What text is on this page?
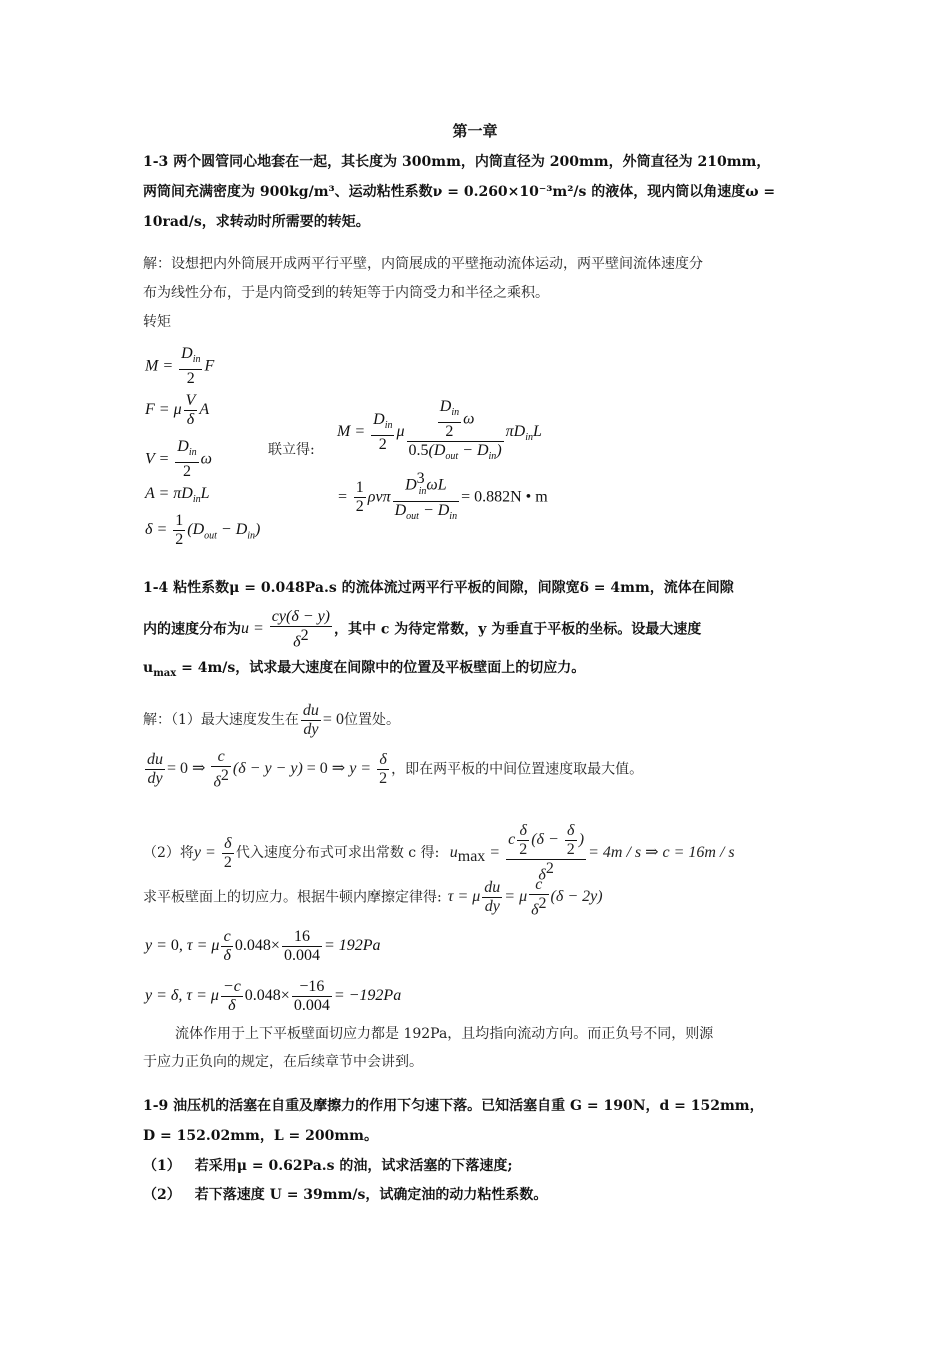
第一章
1-3 两个圆管同心地套在一起，其长度为 300mm，内筒直径为 200mm，外筒直径为 210mm，
两筒间充满密度为 900kg/m³、运动粘性系数ν = 0.260×10⁻³m²/s 的液体，现内筒以角速度ω =
10rad/s，求转动时所需要的转矩。
解：设想把内外筒展开成两平行平壁，内筒展成的平壁拖动流体运动，两平壁间流体速度分
布为线性分布，于是内筒受到的转矩等于内筒受力和半径之乘积。
转矩
$M = \frac{D_{in}}{2}$ F
F = μ $\frac{V}{\delta}$ A
$V = \frac{D_{in}}{2}$ ω
$A = \pi D_{in}L$
$\delta = \frac{1}{2} (D_{out} - D_{in})$
联立得:
$M = \frac{D_{in}}{2}$ μ $\frac{\frac{D_{in}}{2} \omega}{0.5(D_{out} - D_{in})} \pi D_{in}L$
= $\frac{1}{2}$ ρνπ $\frac{D^3_{in}\omega L}{D_{out} - D_{in}} = 0.882N$ • m
1-4 粘性系数μ = 0.048Pa.s 的流体流过两平行平板的间隙，间隙宽δ = 4mm，流体在间隙
内的速度分布为$u = \frac{cy(\delta - y)}{\delta^2}$ ，其中 c 为待定常数，y 为垂直于平板的坐标。设最大速度
$u_{max} = 4m/s$，试求最大速度在间隙中的位置及平板壁面上的切应力。
解：（1）最大速度发生在 $\frac{du}{dy} = 0$位置处。
$\frac{du}{dy} = 0$ ⇒ $\frac{c}{\delta^2} (\delta - y - y) = 0$ ⇒ $y = \frac{\delta}{2}$ ，即在两平板的中间位置速度取最大值。
（2）将$y = \frac{\delta}{2}$ 代入速度分布式可求出常数 c 得: $u_{max} = \frac{c \frac{\delta}{2} (\delta - \frac{\delta}{2} )}{\delta^2} = 4m / s$ ⇒ c = 16m / s
求平板壁面上的切应力。根据牛顿内摩擦定律得: τ = μ $\frac{du}{dy} = \mu \frac{c}{\delta^2} (\delta - 2y)$
y = 0, τ = μ $\frac{c}{\delta} 0.048\times \frac{16}{0.004} = 192Pa$
y = δ, τ = μ $\frac{-c}{\delta} 0.048\times \frac{-16}{0.004} = -192Pa$
流体作用于上下平板壁面切应力都是 192Pa，且均指向流动方向。而正负号不同，则源
于应力正负向的规定，在后续章节中会讲到。
1-9 油压机的活塞在自重及摩擦力的作用下匀速下落。已知活塞自重 G = 190N，d = 152mm，
D = 152.02mm，L = 200mm。
（1） 若采用μ = 0.62Pa.s 的油，试求活塞的下落速度;
（2） 若下落速度 U = 39mm/s，试确定油的动力粘性系数。
